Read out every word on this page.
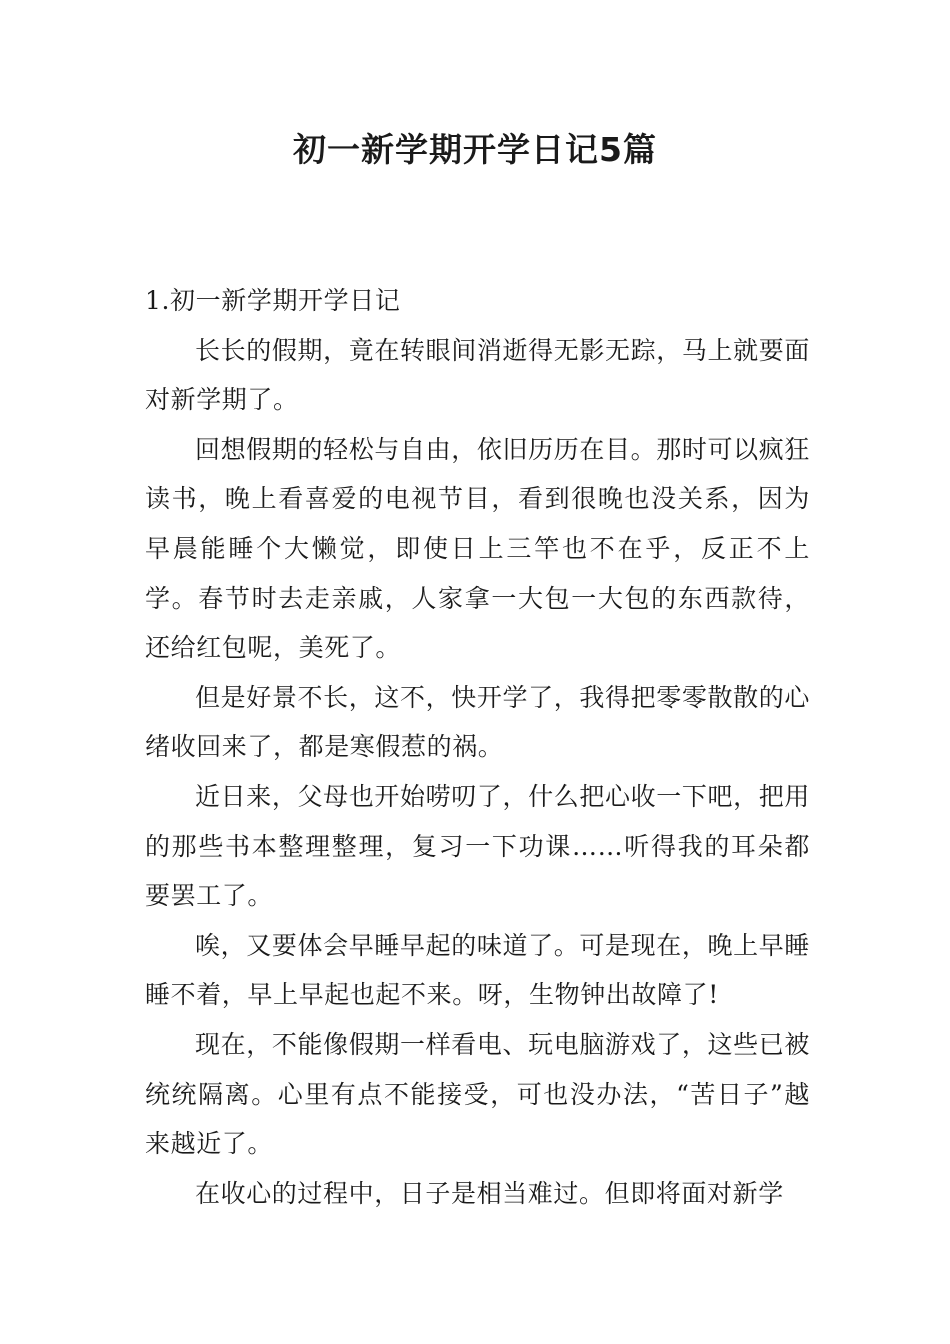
初一新学期开学日记5篇

1.初一新学期开学日记

长长的假期，竟在转眼间消逝得无影无踪，马上就要面对新学期了。

回想假期的轻松与自由，依旧历历在目。那时可以疯狂读书，晚上看喜爱的电视节目，看到很晚也没关系，因为早晨能睡个大懒觉，即使日上三竿也不在乎，反正不上学。春节时去走亲戚，人家拿一大包一大包的东西款待，还给红包呢，美死了。

但是好景不长，这不，快开学了，我得把零零散散的心绪收回来了，都是寒假惹的祸。

近日来，父母也开始唠叨了，什么把心收一下吧，把用的那些书本整理整理，复习一下功课……听得我的耳朵都要罢工了。

唉，又要体会早睡早起的味道了。可是现在，晚上早睡睡不着，早上早起也起不来。呀，生物钟出故障了!

现在，不能像假期一样看电、玩电脑游戏了，这些已被统统隔离。心里有点不能接受，可也没办法，“苦日子”越来越近了。

在收心的过程中，日子是相当难过。但即将面对新学
